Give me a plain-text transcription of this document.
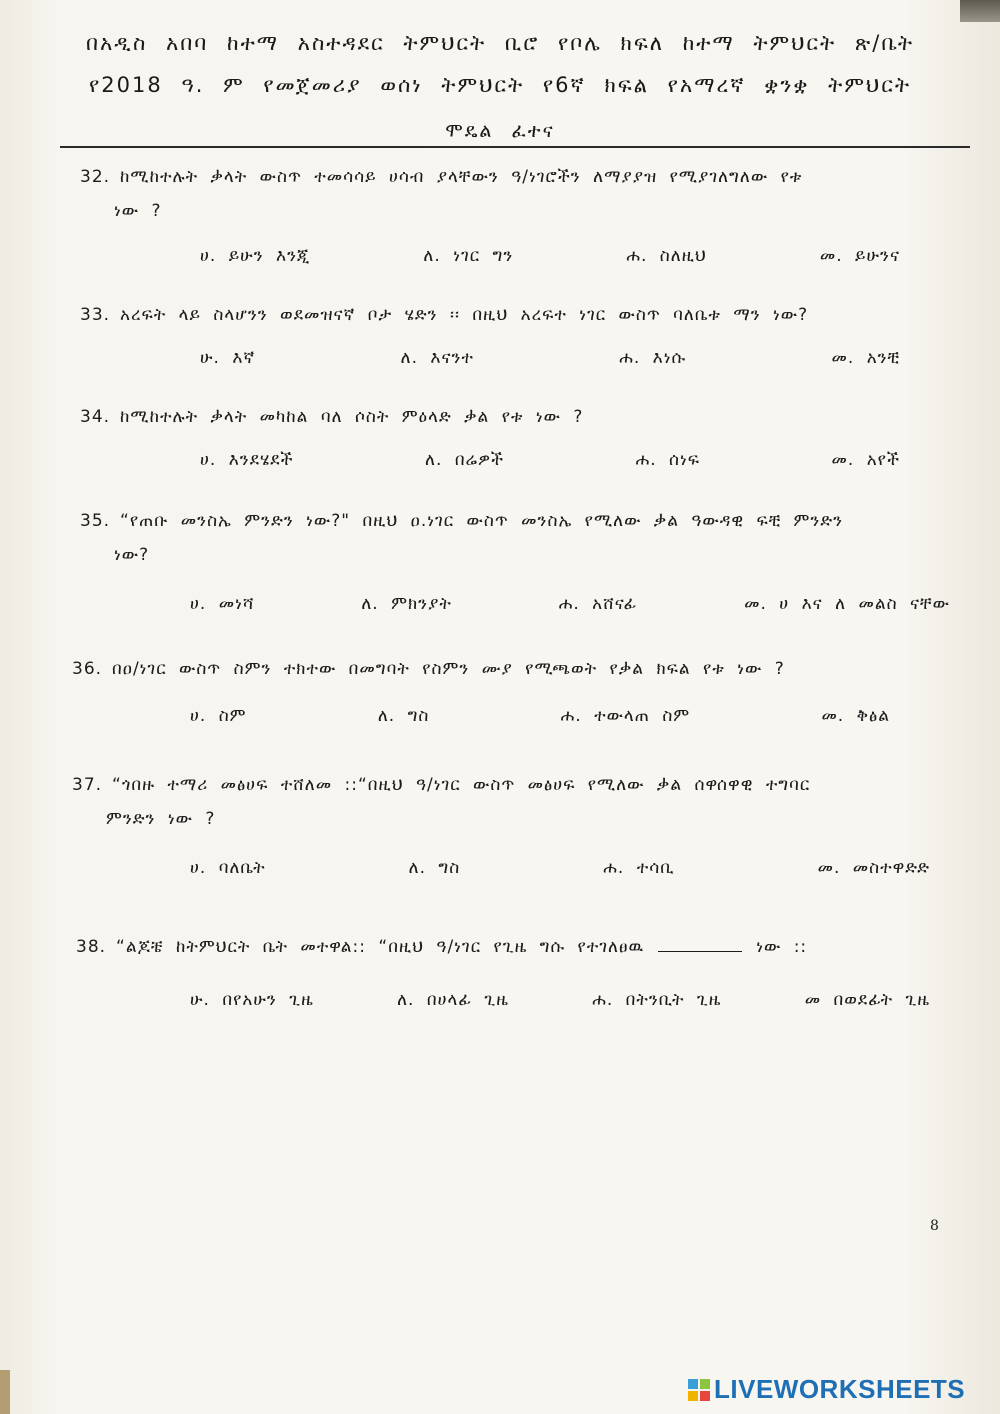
በአዲስ አበባ ከተማ አስተዳደር ትምህርት ቢሮ የቦሌ ክፍለ ከተማ ትምህርት ጽ/ቤት
የ2018 ዓ. ም የመጀመሪያ ወሰነ ትምህርት የ6ኛ ክፍል የአማረኛ ቋንቋ ትምህርት
ሞዴል ፈተና
32. ከሚከተሉት ቃላት ውስጥ ተመሳሳይ ሀሳብ ያላቸውን ዓ/ነገሮችን ለማያያዝ የሚያገለግለው የቱ
ነው ?
ሀ. ይሁን እንጂ	ለ. ነገር ግን	ሐ. ስለዚህ	መ. ይሁንና
33. አረፍት ላይ ስላሆንን ወደመዝናኛ ቦታ ሄድን ፡፡ በዚህ አረፍተ ነገር ውስጥ ባለቤቱ ማን ነው?
ሁ. እኛ	ለ. እናንተ	ሐ. እነሱ	መ. አንቺ
34. ከሚከተሉት ቃላት መካከል ባለ ሶስት ምዕላድ ቃል የቱ ነው ?
ሀ. እንደሄደች	ለ. በሬዎች	ሐ. ሰነፍ	መ. አየች
35. “የጠቡ መንስኤ ምንድን ነው?" በዚህ ዐ.ነገር ውስጥ መንስኤ የሚለው ቃል ዓውዳዊ ፍቺ ምንድን
ነው?
ሀ. መነሻ	ለ. ምክንያት	ሐ. አሸናፊ	መ. ሀ እና ለ መልስ ናቸው
36. በዐ/ነገር ውስጥ ስምን ተክተው በመግባት የስምን ሙያ የሚጫወት የቃል ክፍል የቱ ነው ?
ሀ. ስም	ለ. ግስ	ሐ. ተውላጠ ስም	መ. ቅፅል
37. “ጎበዙ ተማሪ መፅሀፍ ተሸለመ ::“በዚህ ዓ/ነገር ውስጥ መፅሀፍ የሚለው ቃል ሰዋሰዋዊ ተግባር
ምንድን ነው ?
ሀ. ባለቤት	ለ. ግስ	ሐ. ተሳቢ	መ. መስተዋድድ
38. “ልጆቼ ከትምህርት ቤት መተዋል:: “በዚህ ዓ/ነገር የጊዜ ግሱ የተገለፀዉ	ነው ::
ሁ. በየአሁን ጊዜ	ለ. በሀላፊ ጊዜ	ሐ. በትንቢት ጊዜ	መ በወደፊት ጊዜ
8
LIVEWORKSHEETS
